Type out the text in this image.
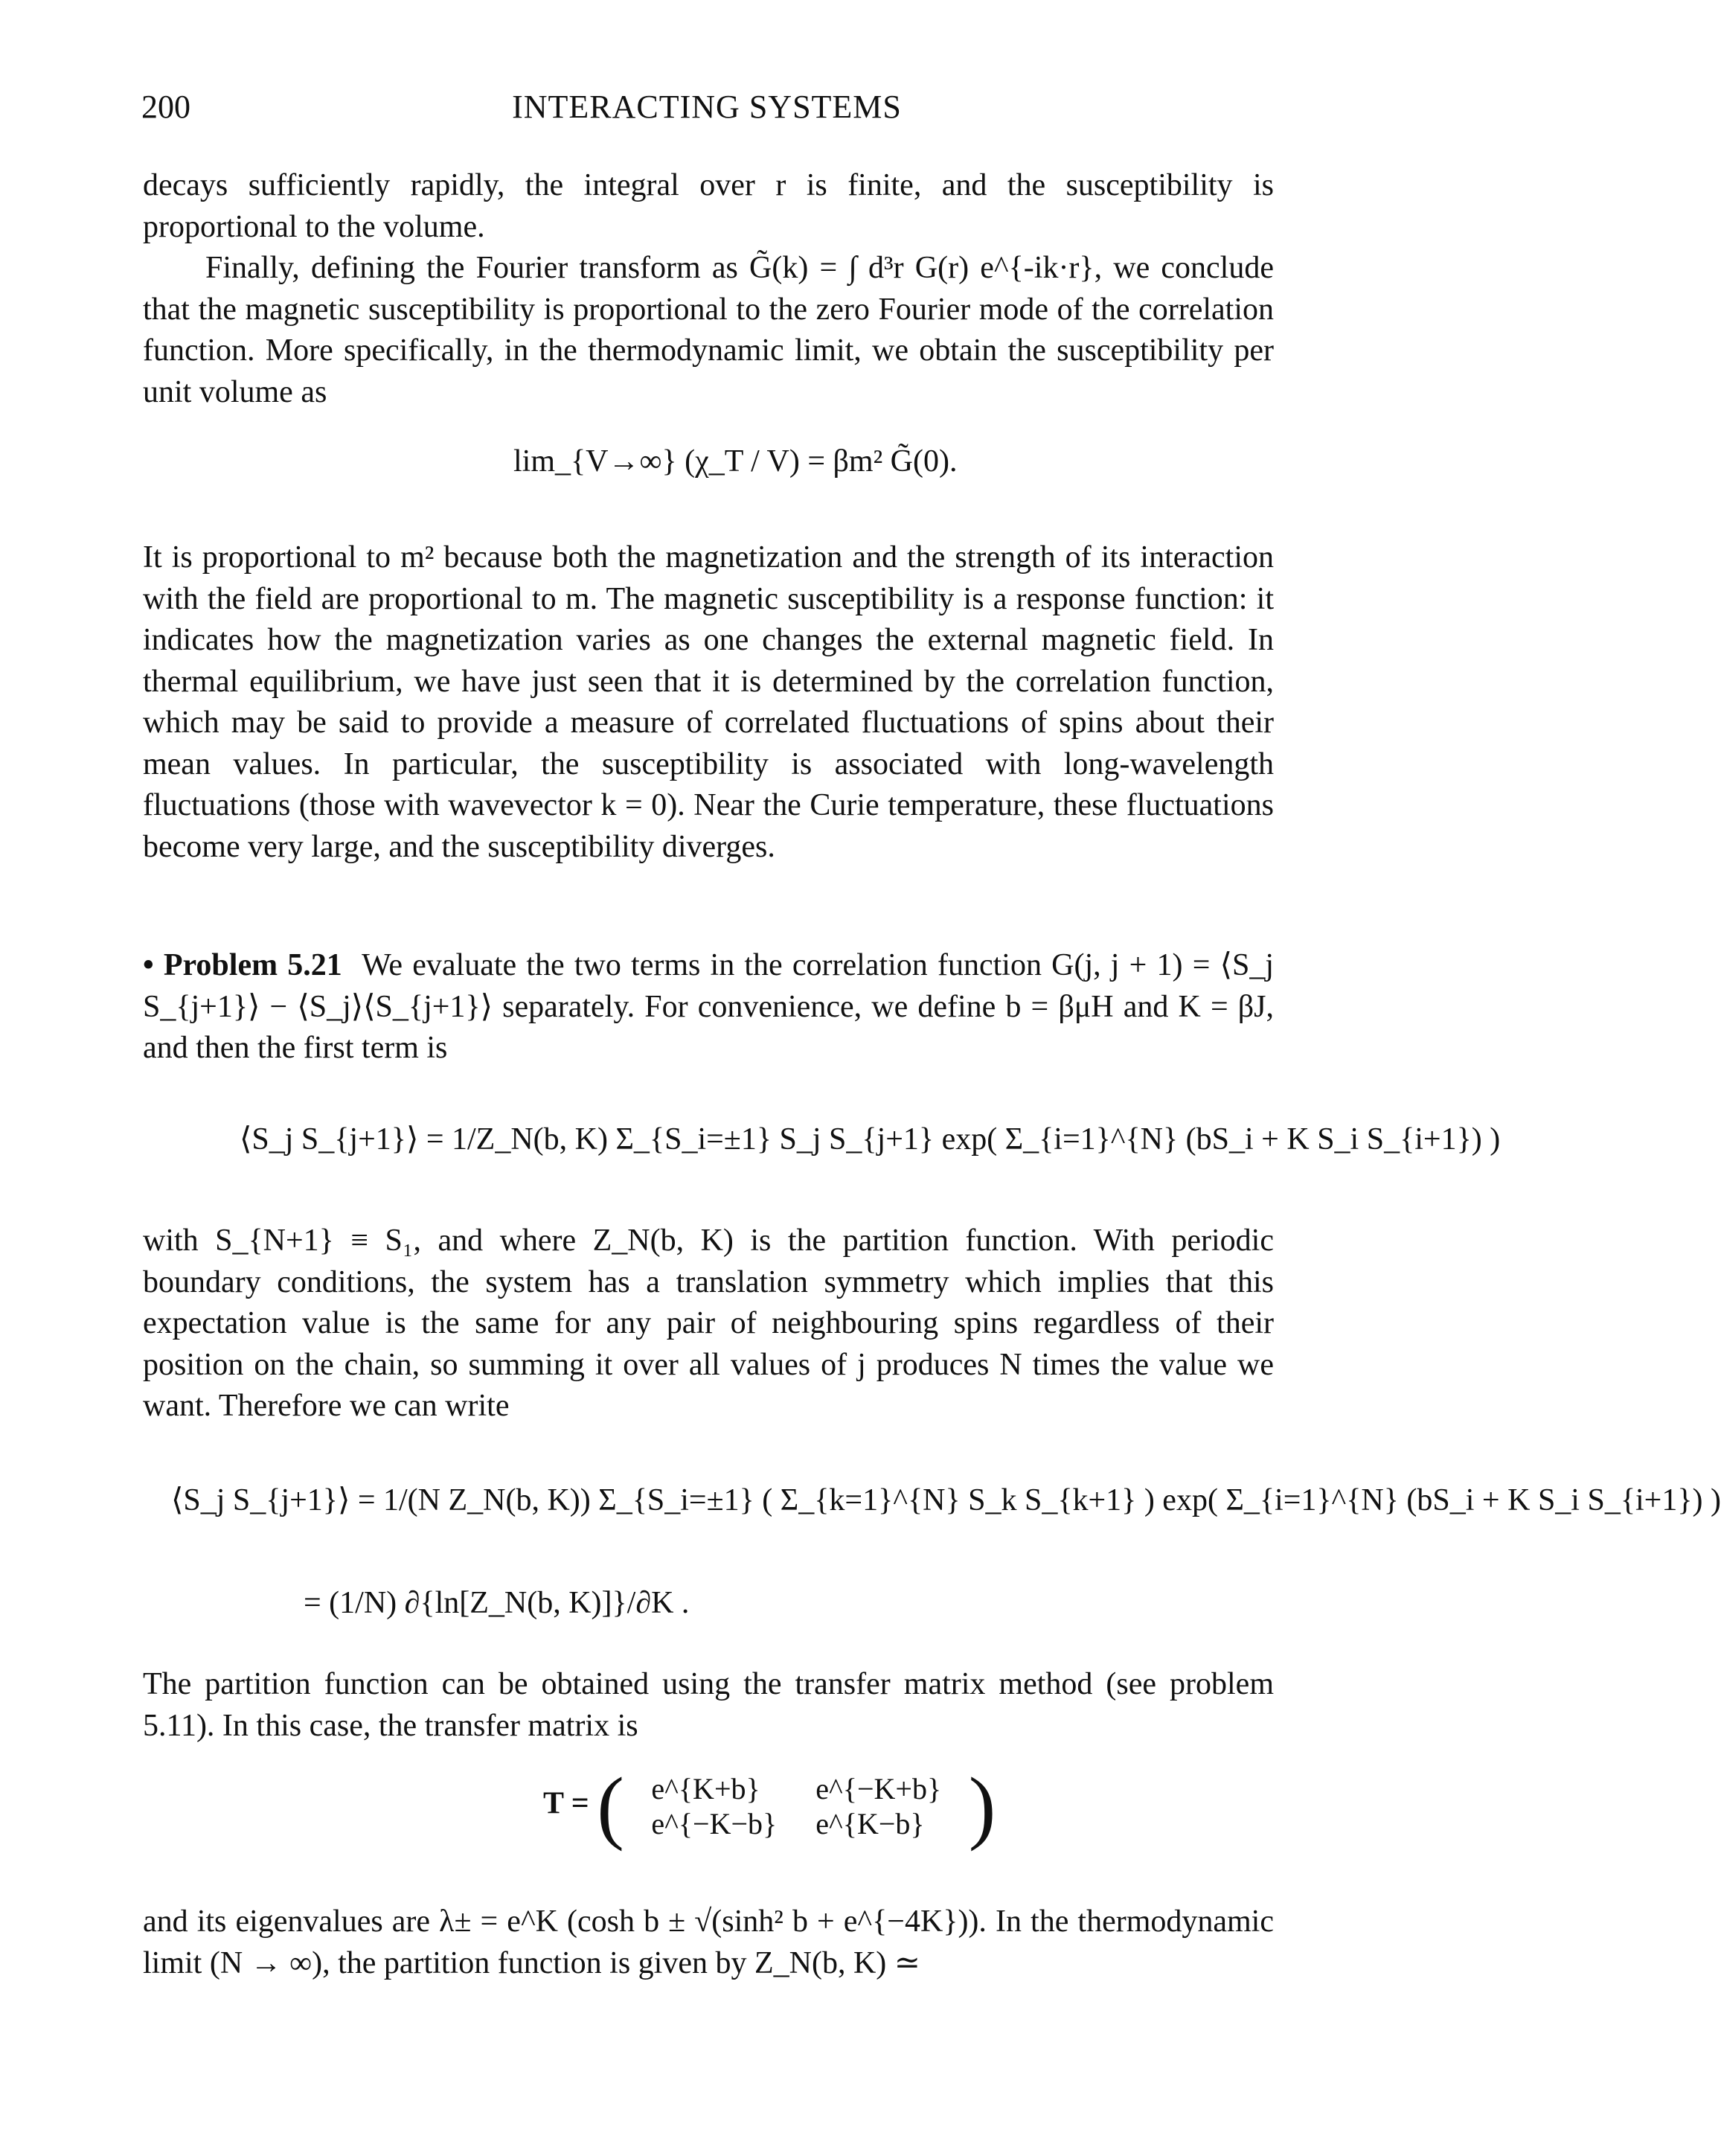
200	INTERACTING SYSTEMS

decays sufficiently rapidly, the integral over r is finite, and the susceptibility is proportional to the volume.

Finally, defining the Fourier transform as G̃(k) = ∫ d³r G(r) e^{-ik·r}, we conclude that the magnetic susceptibility is proportional to the zero Fourier mode of the correlation function. More specifically, in the thermodynamic limit, we obtain the susceptibility per unit volume as

lim_{V→∞} (χ_T / V) = βm² G̃(0).

It is proportional to m² because both the magnetization and the strength of its interaction with the field are proportional to m. The magnetic susceptibility is a response function: it indicates how the magnetization varies as one changes the external magnetic field. In thermal equilibrium, we have just seen that it is determined by the correlation function, which may be said to provide a measure of correlated fluctuations of spins about their mean values. In particular, the susceptibility is associated with long-wavelength fluctuations (those with wavevector k = 0). Near the Curie temperature, these fluctuations become very large, and the susceptibility diverges.

• Problem 5.21 We evaluate the two terms in the correlation function G(j, j + 1) = ⟨S_j S_{j+1}⟩ − ⟨S_j⟩⟨S_{j+1}⟩ separately. For convenience, we define b = βμH and K = βJ, and then the first term is

⟨S_j S_{j+1}⟩ = 1/Z_N(b, K) Σ_{S_i=±1} S_j S_{j+1} exp( Σ_{i=1}^{N} (bS_i + K S_i S_{i+1}) )

with S_{N+1} ≡ S₁, and where Z_N(b, K) is the partition function. With periodic boundary conditions, the system has a translation symmetry which implies that this expectation value is the same for any pair of neighbouring spins regardless of their position on the chain, so summing it over all values of j produces N times the value we want. Therefore we can write

⟨S_j S_{j+1}⟩ = 1/(N Z_N(b, K)) Σ_{S_i=±1} ( Σ_{k=1}^{N} S_k S_{k+1} ) exp( Σ_{i=1}^{N} (bS_i + K S_i S_{i+1}) )
= (1/N) ∂{ln[Z_N(b, K)]}/∂K .

The partition function can be obtained using the transfer matrix method (see problem 5.11). In this case, the transfer matrix is

T = ( e^{K+b}	e^{−K+b}
e^{−K−b}	e^{K−b} )

and its eigenvalues are λ± = e^K (cosh b ± √(sinh² b + e^{−4K})). In the thermodynamic limit (N → ∞), the partition function is given by Z_N(b, K) ≃
